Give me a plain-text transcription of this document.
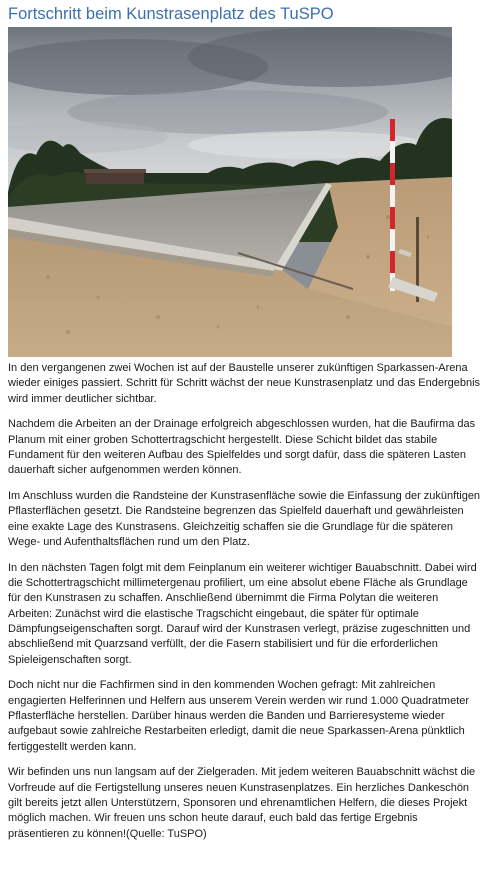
Fortschritt beim Kunstrasenplatz des TuSPO

In den vergangenen zwei Wochen ist auf der Baustelle unserer zukünftigen Sparkassen-Arena wieder einiges passiert. Schritt für Schritt wächst der neue Kunstrasenplatz und das Endergebnis wird immer deutlicher sichtbar.

Nachdem die Arbeiten an der Drainage erfolgreich abgeschlossen wurden, hat die Baufirma das Planum mit einer groben Schottertragschicht hergestellt. Diese Schicht bildet das stabile Fundament für den weiteren Aufbau des Spielfeldes und sorgt dafür, dass die späteren Lasten dauerhaft sicher aufgenommen werden können.

Im Anschluss wurden die Randsteine der Kunstrasenfläche sowie die Einfassung der zukünftigen Pflasterflächen gesetzt. Die Randsteine begrenzen das Spielfeld dauerhaft und gewährleisten eine exakte Lage des Kunstrasens. Gleichzeitig schaffen sie die Grundlage für die späteren Wege- und Aufenthaltsflächen rund um den Platz.

In den nächsten Tagen folgt mit dem Feinplanum ein weiterer wichtiger Bauabschnitt. Dabei wird die Schottertragschicht millimetergenau profiliert, um eine absolut ebene Fläche als Grundlage für den Kunstrasen zu schaffen. Anschließend übernimmt die Firma Polytan die weiteren Arbeiten: Zunächst wird die elastische Tragschicht eingebaut, die später für optimale Dämpfungseigenschaften sorgt. Darauf wird der Kunstrasen verlegt, präzise zugeschnitten und abschließend mit Quarzsand verfüllt, der die Fasern stabilisiert und für die erforderlichen Spieleigenschaften sorgt.

Doch nicht nur die Fachfirmen sind in den kommenden Wochen gefragt: Mit zahlreichen engagierten Helferinnen und Helfern aus unserem Verein werden wir rund 1.000 Quadratmeter Pflasterfläche herstellen. Darüber hinaus werden die Banden und Barrieresysteme wieder aufgebaut sowie zahlreiche Restarbeiten erledigt, damit die neue Sparkassen-Arena pünktlich fertiggestellt werden kann.

Wir befinden uns nun langsam auf der Zielgeraden. Mit jedem weiteren Bauabschnitt wächst die Vorfreude auf die Fertigstellung unseres neuen Kunstrasenplatzes. Ein herzliches Dankeschön gilt bereits jetzt allen Unterstützern, Sponsoren und ehrenamtlichen Helfern, die dieses Projekt möglich machen. Wir freuen uns schon heute darauf, euch bald das fertige Ergebnis präsentieren zu können!(Quelle: TuSPO)
